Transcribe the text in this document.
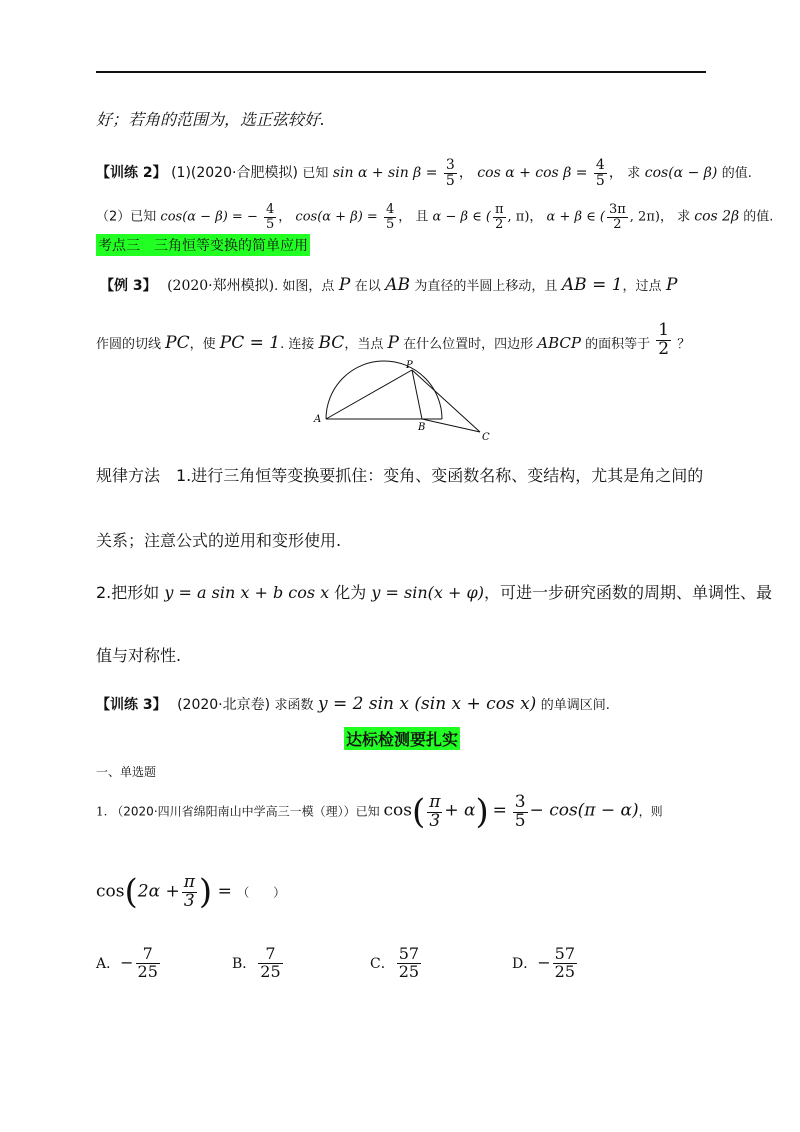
好；若角的范围为，选正弦较好.
【训练 2】 (1)(2020·合肥模拟) 已知 $\sin \alpha + \sin \beta = \frac{3}{5}$ ， $\cos \alpha + \cos \beta = \frac{4}{5}$ ， 求 cos(α − β) 的值.
（2）已知 cos(α − β) = − $\frac{4}{5}$ ， $\cos(\alpha + \beta) = \frac{4}{5}$ ， 且 α − β ∈ ( $\frac{\pi}{2}$ , π)， α + β ∈ ( $\frac{3\pi}{2}$ , 2π)， 求 cos 2β 的值.
考点三　三角恒等变换的简单应用
【例 3】 (2020·郑州模拟). 如图，点 P 在以 AB 为直径的半圆上移动，且 AB = 1，过点 P
作圆的切线 PC，使 PC = 1. 连接 BC，当点 P 在什么位置时，四边形 ABCP 的面积等于 $\frac{1}{2}$ ？
A
B
C
P
规律方法　1.进行三角恒等变换要抓住：变角、变函数名称、变结构，尤其是角之间的
关系；注意公式的逆用和变形使用.
2.把形如 y = a sin x + b cos x 化为 y = sin(x + φ)，可进一步研究函数的周期、单调性、最
值与对称性.
【训练 3】 (2020·北京卷) 求函数 y = 2 sin x (sin x + cos x) 的单调区间.
达标检测要扎实
一、单选题
1. （2020·四川省绵阳南山中学高三一模（理））已知 $\cos( \frac{\pi}{3} + \alpha) = \frac{3}{5} - \cos(\pi - \alpha)$，则
$\cos(2\alpha + \frac{\pi}{3}$ ) = （　　）
A．− $\frac{7}{25}$	B． $\frac{7}{25}$	C． $\frac{57}{25}$	D．− $\frac{57}{25}$
